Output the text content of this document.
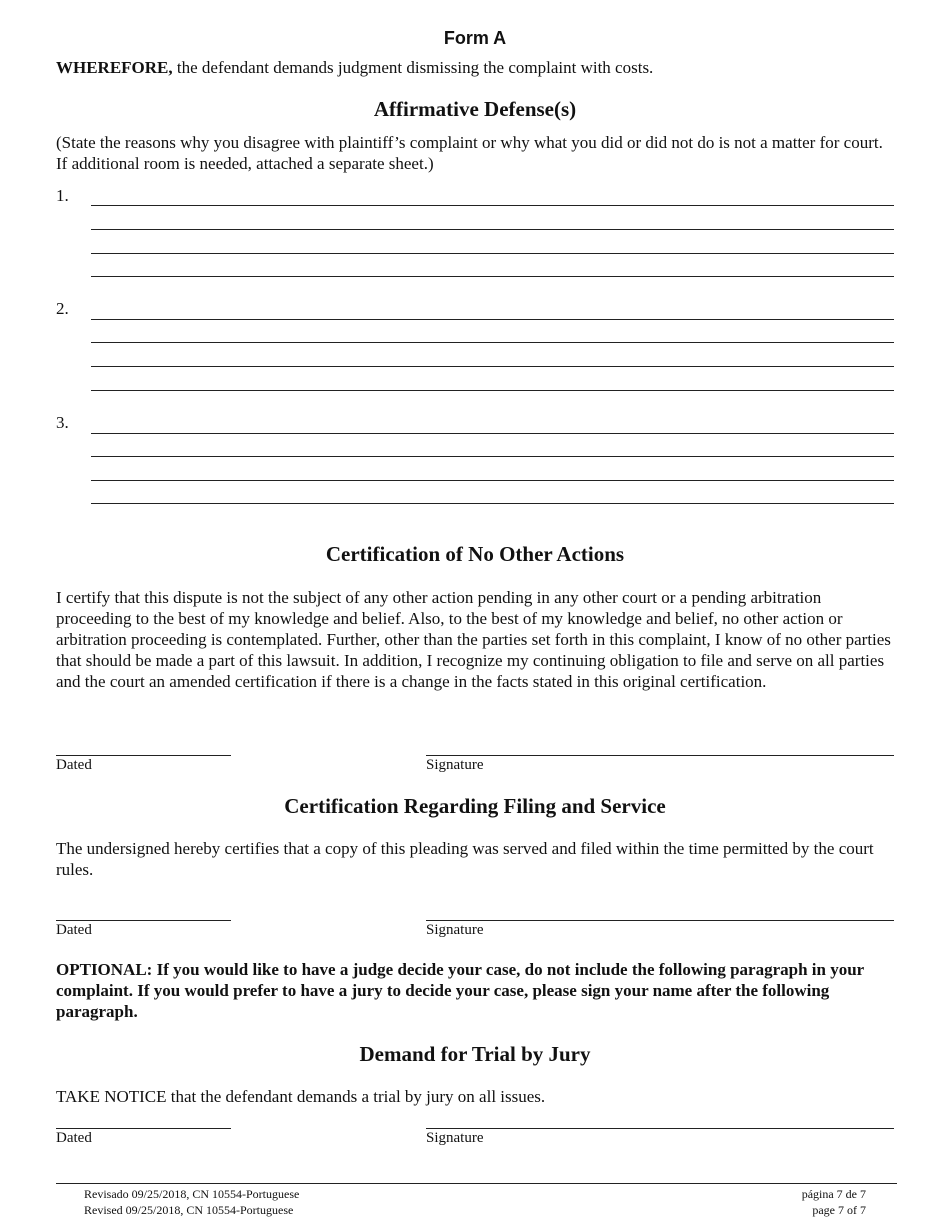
Form A
WHEREFORE, the defendant demands judgment dismissing the complaint with costs.
Affirmative Defense(s)
(State the reasons why you disagree with plaintiff’s complaint or why what you did or did not do is not a matter for court. If additional room is needed, attached a separate sheet.)
1.
2.
3.
Certification of No Other Actions
I certify that this dispute is not the subject of any other action pending in any other court or a pending arbitration proceeding to the best of my knowledge and belief. Also, to the best of my knowledge and belief, no other action or arbitration proceeding is contemplated. Further, other than the parties set forth in this complaint, I know of no other parties that should be made a part of this lawsuit. In addition, I recognize my continuing obligation to file and serve on all parties and the court an amended certification if there is a change in the facts stated in this original certification.
Dated	Signature
Certification Regarding Filing and Service
The undersigned hereby certifies that a copy of this pleading was served and filed within the time permitted by the court rules.
Dated	Signature
OPTIONAL: If you would like to have a judge decide your case, do not include the following paragraph in your complaint. If you would prefer to have a jury to decide your case, please sign your name after the following paragraph.
Demand for Trial by Jury
TAKE NOTICE that the defendant demands a trial by jury on all issues.
Dated	Signature
Revisado 09/25/2018, CN 10554-Portuguese
Revised 09/25/2018, CN 10554-Portuguese
página 7 de 7
page 7 of 7
